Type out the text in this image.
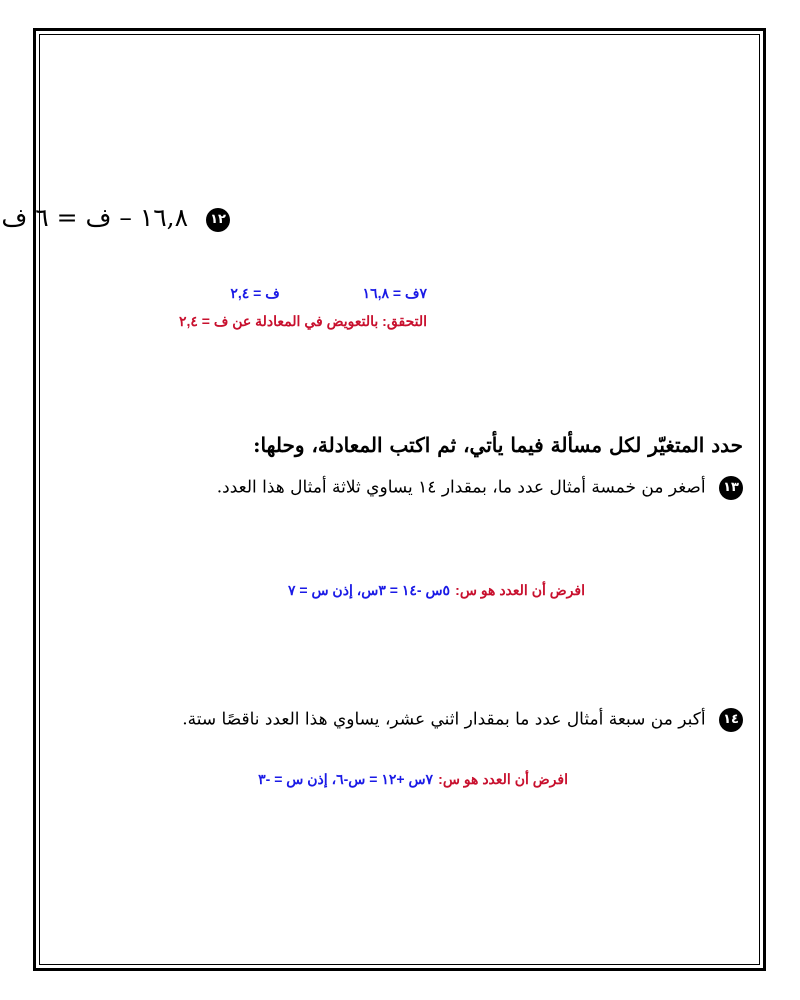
١٢ ١٦,٨ – ف = ٦ ف
٧ف = ١٦,٨  ف = ٢,٤
التحقق: بالتعويض في المعادلة عن ف = ٢,٤
حدد المتغيّر لكل مسألة فيما يأتي، ثم اكتب المعادلة، وحلها:
١٣ أصغر من خمسة أمثال عدد ما، بمقدار ١٤ يساوي ثلاثة أمثال هذا العدد.
افرض أن العدد هو س: ٥س -١٤ = ٣س، إذن س = ٧
١٤ أكبر من سبعة أمثال عدد ما بمقدار اثني عشر، يساوي هذا العدد ناقصًا ستة.
افرض أن العدد هو س: ٧س +١٢ = س-٦، إذن س = -٣
